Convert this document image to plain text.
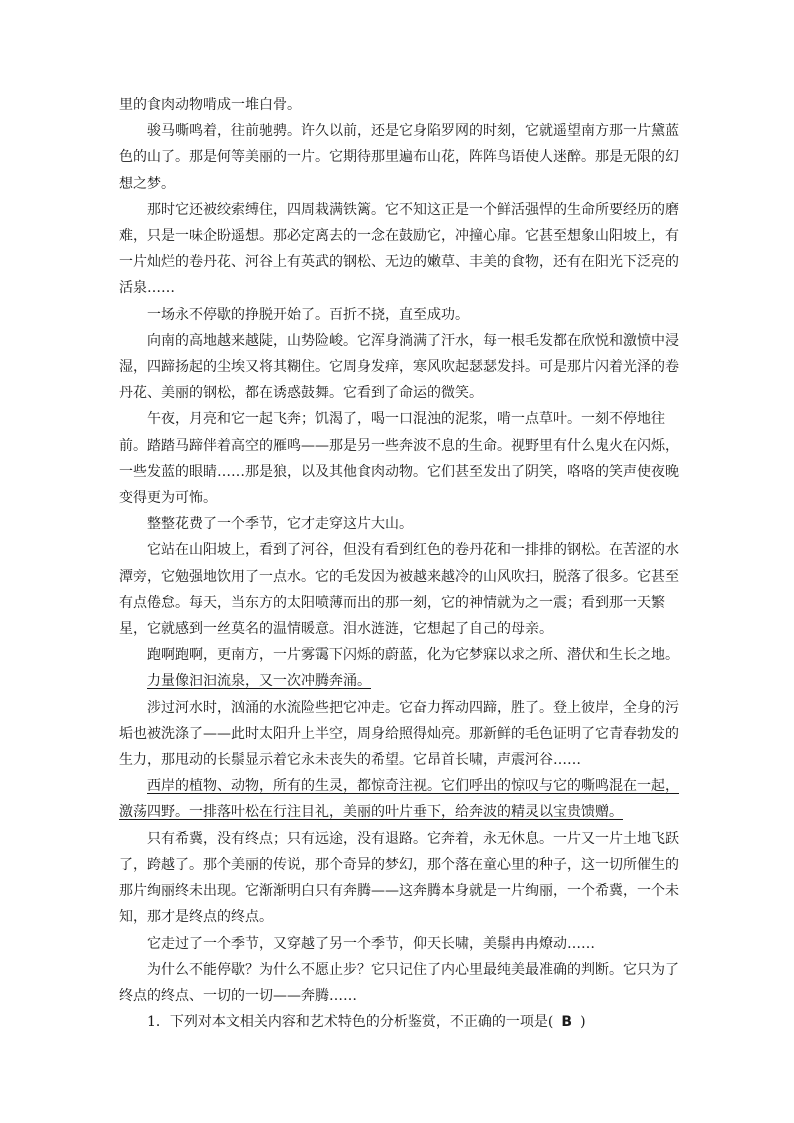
里的食肉动物啃成一堆白骨。

骏马嘶鸣着，往前驰骋。许久以前，还是它身陷罗网的时刻，它就遥望南方那一片黛蓝色的山了。那是何等美丽的一片。它期待那里遍布山花，阵阵鸟语使人迷醉。那是无限的幻想之梦。

那时它还被绞索缚住，四周栽满铁篱。它不知这正是一个鲜活强悍的生命所要经历的磨难，只是一味企盼遥想。那必定离去的一念在鼓励它，冲撞心扉。它甚至想象山阳坡上，有一片灿烂的卷丹花、河谷上有英武的钢松、无边的嫩草、丰美的食物，还有在阳光下泛亮的活泉……

一场永不停歇的挣脱开始了。百折不挠，直至成功。

向南的高地越来越陡，山势险峻。它浑身淌满了汗水，每一根毛发都在欣悦和激愤中浸湿，四蹄扬起的尘埃又将其糊住。它周身发痒，寒风吹起瑟瑟发抖。可是那片闪着光泽的卷丹花、美丽的钢松，都在诱惑鼓舞。它看到了命运的微笑。

午夜，月亮和它一起飞奔；饥渴了，喝一口混浊的泥浆，啃一点草叶。一刻不停地往前。踏踏马蹄伴着高空的雁鸣——那是另一些奔波不息的生命。视野里有什么鬼火在闪烁，一些发蓝的眼睛……那是狼，以及其他食肉动物。它们甚至发出了阴笑，咯咯的笑声使夜晚变得更为可怖。

整整花费了一个季节，它才走穿这片大山。

它站在山阳坡上，看到了河谷，但没有看到红色的卷丹花和一排排的钢松。在苦涩的水潭旁，它勉强地饮用了一点水。它的毛发因为被越来越冷的山风吹扫，脱落了很多。它甚至有点倦怠。每天，当东方的太阳喷薄而出的那一刻，它的神情就为之一震；看到那一天繁星，它就感到一丝莫名的温情暖意。泪水涟涟，它想起了自己的母亲。

跑啊跑啊，更南方，一片雾霭下闪烁的蔚蓝，化为它梦寐以求之所、潜伏和生长之地。

力量像汩汩流泉，又一次冲腾奔涌。

涉过河水时，汹涌的水流险些把它冲走。它奋力挥动四蹄，胜了。登上彼岸，全身的污垢也被洗涤了——此时太阳升上半空，周身给照得灿亮。那新鲜的毛色证明了它青春勃发的生力，那甩动的长鬃显示着它永未丧失的希望。它昂首长啸，声震河谷……

西岸的植物、动物，所有的生灵，都惊奇注视。它们呼出的惊叹与它的嘶鸣混在一起，激荡四野。一排落叶松在行注目礼，美丽的叶片垂下，给奔波的精灵以宝贵馈赠。

只有希冀，没有终点；只有远途，没有退路。它奔着，永无休息。一片又一片土地飞跃了，跨越了。那个美丽的传说，那个奇异的梦幻，那个落在童心里的种子，这一切所催生的那片绚丽终未出现。它渐渐明白只有奔腾——这奔腾本身就是一片绚丽，一个希冀，一个未知，那才是终点的终点。

它走过了一个季节，又穿越了另一个季节，仰天长啸，美鬃冉冉燎动……

为什么不能停歇？为什么不愿止步？它只记住了内心里最纯美最准确的判断。它只为了终点的终点、一切的一切——奔腾……

1．下列对本文相关内容和艺术特色的分析鉴赏，不正确的一项是( B )
